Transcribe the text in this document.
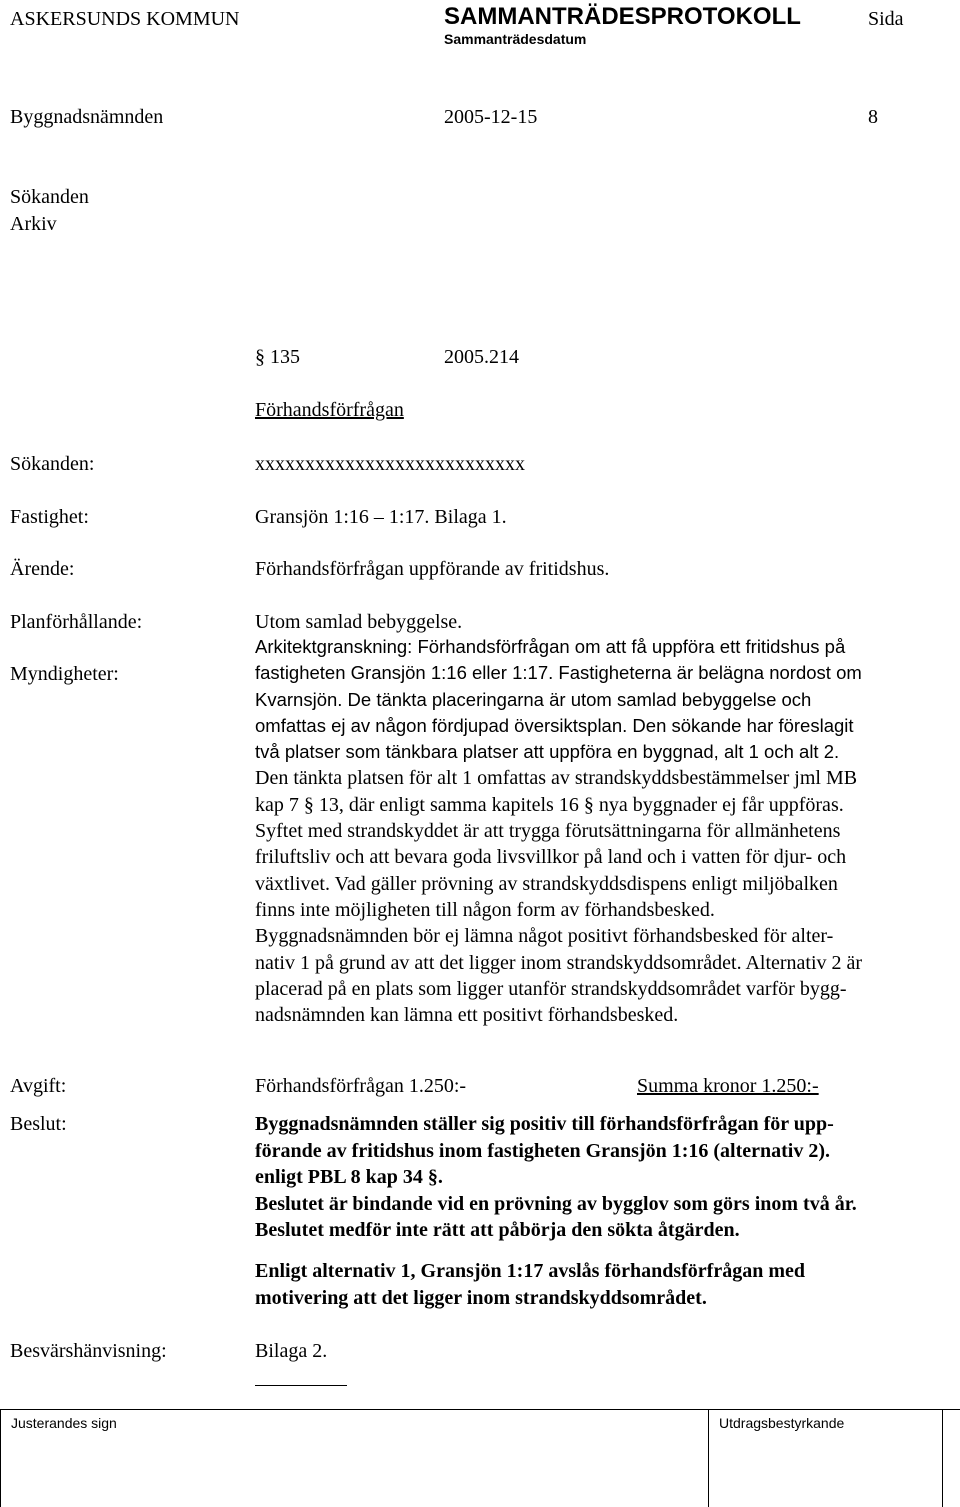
ASKERSUNDS KOMMUN	SAMMANTRÄDESPROTOKOLL	Sida
Sammanträdesdatum
Byggnadsnämnden	2005-12-15	8
Sökanden
Arkiv
§ 135	2005.214
Förhandsförfrågan
Sökanden:	xxxxxxxxxxxxxxxxxxxxxxxxxxx
Fastighet:	Gransjön 1:16 – 1:17. Bilaga 1.
Ärende:	Förhandsförfrågan uppförande av fritidshus.
Planförhållande:	Utom samlad bebyggelse.
Myndigheter:
Arkitektgranskning: Förhandsförfrågan om att få uppföra ett fritidshus på
fastigheten Gransjön 1:16 eller 1:17. Fastigheterna är belägna nordost om
Kvarnsjön. De tänkta placeringarna är utom samlad bebyggelse och
omfattas ej av någon fördjupad översiktsplan. Den sökande har föreslagit
två platser som tänkbara platser att uppföra en byggnad, alt 1 och alt 2.
Den tänkta platsen för alt 1 omfattas av strandskyddsbestämmelser jml MB
kap 7 § 13, där enligt samma kapitels 16 § nya byggnader ej får uppföras.
Syftet med strandskyddet är att trygga förutsättningarna för allmänhetens
friluftsliv och att bevara goda livsvillkor på land och i vatten för djur- och
växtlivet. Vad gäller prövning av strandskyddsdispens enligt miljöbalken
finns inte möjligheten till någon form av förhandsbesked.
Byggnadsnämnden bör ej lämna något positivt förhandsbesked för alter-
nativ 1 på grund av att det ligger inom strandskyddsområdet. Alternativ 2 är
placerad på en plats som ligger utanför strandskyddsområdet varför bygg-
nadsnämnden kan lämna ett positivt förhandsbesked.
Avgift:	Förhandsförfrågan 1.250:-	Summa kronor 1.250:-
Beslut:	Byggnadsnämnden ställer sig positiv till förhandsförfrågan för upp-
förande av fritidshus inom fastigheten Gransjön 1:16 (alternativ 2).
enligt PBL 8 kap 34 §.
Beslutet är bindande vid en prövning av bygglov som görs inom två år.
Beslutet medför inte rätt att påbörja den sökta åtgärden.
Enligt alternativ 1, Gransjön 1:17 avslås förhandsförfrågan med
motivering att det ligger inom strandskyddsområdet.
Besvärshänvisning:	Bilaga 2.
Justerandes sign	Utdragsbestyrkande
